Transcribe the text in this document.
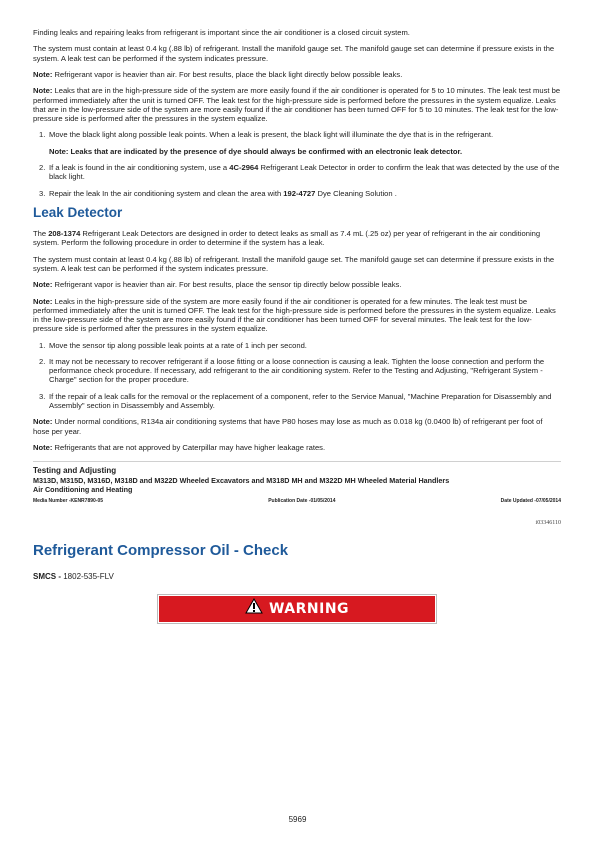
Finding leaks and repairing leaks from refrigerant is important since the air conditioner is a closed circuit system.

The system must contain at least 0.4 kg (.88 lb) of refrigerant. Install the manifold gauge set. The manifold gauge set can determine if pressure exists in the system. A leak test can be performed if the system indicates pressure.

Note: Refrigerant vapor is heavier than air. For best results, place the black light directly below possible leaks.

Note: Leaks that are in the high-pressure side of the system are more easily found if the air conditioner is operated for 5 to 10 minutes. The leak test must be performed immediately after the unit is turned OFF. The leak test for the high-pressure side is performed before the pressures in the system equalize. Leaks that are in the low-pressure side of the system are more easily found if the air conditioner has been turned OFF for 5 to 10 minutes. The leak test for the low-pressure side is performed after the pressures in the system equalize.

1. Move the black light along possible leak points. When a leak is present, the black light will illuminate the dye that is in the refrigerant.
Note: Leaks that are indicated by the presence of dye should always be confirmed with an electronic leak detector.
2. If a leak is found in the air conditioning system, use a 4C-2964 Refrigerant Leak Detector in order to confirm the leak that was detected by the use of the black light.
3. Repair the leak In the air conditioning system and clean the area with 192-4727 Dye Cleaning Solution .
Leak Detector

The 208-1374 Refrigerant Leak Detectors are designed in order to detect leaks as small as 7.4 mL (.25 oz) per year of refrigerant in the air conditioning system. Perform the following procedure in order to determine if the system has a leak.

The system must contain at least 0.4 kg (.88 lb) of refrigerant. Install the manifold gauge set. The manifold gauge set can determine if pressure exists in the system. A leak test can be performed if the system indicates pressure.

Note: Refrigerant vapor is heavier than air. For best results, place the sensor tip directly below possible leaks.

Note: Leaks in the high-pressure side of the system are more easily found if the air conditioner is operated for a few minutes. The leak test must be performed immediately after the unit is turned OFF. The leak test for the high-pressure side is performed before the pressures in the system equalize. Leaks in the low-pressure side of the system are more easily found if the air conditioner has been turned OFF for several minutes. The leak test for the low-pressure side is performed after the pressures in the system equalize.

1. Move the sensor tip along possible leak points at a rate of 1 inch per second.
2. It may not be necessary to recover refrigerant if a loose fitting or a loose connection is causing a leak. Tighten the loose connection and perform the performance check procedure. If necessary, add refrigerant to the air conditioning system. Refer to the Testing and Adjusting, "Refrigerant System - Charge" section for the proper procedure.
3. If the repair of a leak calls for the removal or the replacement of a component, refer to the Service Manual, "Machine Preparation for Disassembly and Assembly" section in Disassembly and Assembly.

Note: Under normal conditions, R134a air conditioning systems that have P80 hoses may lose as much as 0.018 kg (0.0400 lb) of refrigerant per foot of hose per year.

Note: Refrigerants that are not approved by Caterpillar may have higher leakage rates.

Testing and Adjusting
M313D, M315D, M316D, M318D and M322D Wheeled Excavators and M318D MH and M322D MH Wheeled Material Handlers
Air Conditioning and Heating
Media Number -KENR7890-05	Publication Date -01/05/2014	Date Updated -07/05/2014
i03346110
Refrigerant Compressor Oil - Check
SMCS - 1802-535-FLV
WARNING
5969
